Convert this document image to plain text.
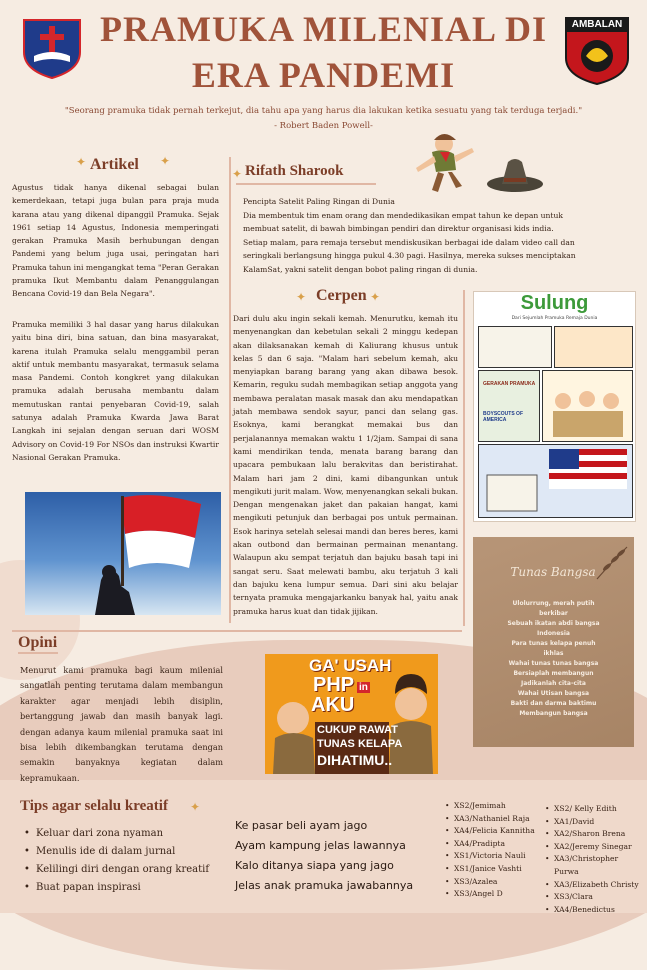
AMBALAN
PRAMUKA MILENIAL DI ERA PANDEMI
"Seorang pramuka tidak pernah terkejut, dia tahu apa yang harus dia lakukan ketika sesuatu yang tak terduga terjadi."
- Robert Baden Powell-
✦	✦
Artikel
Agustus tidak hanya dikenal sebagai bulan kemerdekaan, tetapi juga bulan para praja muda karana atau yang dikenal dipanggil Pramuka. Sejak 1961 setiap 14 Agustus, Indonesia memperingati gerakan Pramuka Masih berhubungan dengan Pandemi yang belum juga usai, peringatan hari Pramuka tahun ini mengangkat tema "Peran Gerakan pramuka Ikut Membantu dalam Penanggulangan Bencana Covid-19 dan Bela Negara".
Pramuka memiliki 3 hal dasar yang harus dilakukan yaitu bina diri, bina satuan, dan bina masyarakat, karena itulah Pramuka selalu menggambil peran aktif untuk membantu masyarakat, termasuk selama masa Pandemi. Contoh kongkret yang dilakukan pramuka adalah berusaha membantu dalam memutuskan rantai penyebaran Covid-19, salah satunya adalah Pramuka Kwarda Jawa Barat Langkah ini sejalan dengan seruan dari WOSM Advisory on Covid-19 For NSOs dan instruksi Kwartir Nasional Gerakan Pramuka.
✦ Rifath Sharook
Pencipta Satelit Paling Ringan di Dunia
Dia membentuk tim enam orang dan mendedikasikan empat tahun ke depan untuk membuat satelit, di bawah bimbingan pendiri dan direktur organisasi kids india.
Setiap malam, para remaja tersebut mendiskusikan berbagai ide dalam video call dan seringkali berlangsung hingga pukul 4.30 pagi. Hasilnya, mereka sukses menciptakan KalamSat, yakni satelit dengan bobot paling ringan di dunia.
✦	✦
Cerpen
Dari dulu aku ingin sekali kemah. Menurutku, kemah itu menyenangkan dan kebetulan sekali 2 minggu kedepan akan dilaksanakan kemah di Kaliurang khusus untuk kelas 5 dan 6 saja. "Malam hari sebelum kemah, aku menyiapkan barang barang yang akan dibawa besok. Kemarin, reguku sudah membagikan setiap anggota yang membawa peralatan masak masak dan aku mendapatkan jatah membawa sendok sayur, panci dan selang gas. Esoknya, kami berangkat memakai bus dan perjalanannya memakan waktu 1 1/2jam. Sampai di sana kami mendirikan tenda, menata barang barang dan upacara pembukaan lalu berakvitas dan beristirahat. Malam hari jam 2 dini, kami dibangunkan untuk mengikuti jurit malam. Wow, menyenangkan sekali bukan. Dengan mengenakan jaket dan pakaian hangat, kami mengikuti petunjuk dan berbagai pos untuk permainan. Esok harinya setelah selesai mandi dan beres beres, kami akan outbond dan bermainan permainan menantang. Walaupun aku sempat terjatuh dan bajuku basah tapi ini sangat seru. Saat melewati bambu, aku terjatuh 3 kali dan bajuku kena lumpur semua. Dari sini aku belajar ternyata pramuka mengajarkanku banyak hal, yaitu anak pramuka harus kuat dan tidak jijikan.
Sulung
Dari Sejumlah Pramuka Remaja Dunia
GERAKAN PRAMUKA
BOYSCOUTS OF AMERICA
Tunas Bangsa
Ulolurrung, merah putih
berkibar
Sebuah ikatan abdi bangsa
Indonesia
Para tunas kelapa penuh
ikhlas
Wahai tunas tunas bangsa
Bersiaplah membangun
Jadikanlah cita-cita
Wahai Utisan bangsa
Bakti dan darma baktimu
Membangun bangsa
Opini
Menurut kami pramuka bagi kaum milenial sangatlah penting terutama dalam membangun karakter agar menjadi lebih disiplin, bertanggung jawab dan masih banyak lagi. dengan adanya kaum milenial pramuka saat ini bisa lebih dikembangkan terutama dengan semakin banyaknya kegiatan dalam kepramukaan.
GA' USAH
PHP in
AKU
CUKUP RAWAT
TUNAS KELAPA
DIHATIMU..
Tips agar selalu kreatif ✦
• Keluar dari zona nyaman
• Menulis ide di dalam jurnal
• Kelilingi diri dengan orang kreatif
• Buat papan inspirasi
Ke pasar beli ayam jago
Ayam kampung jelas lawannya
Kalo ditanya siapa yang jago
Jelas anak pramuka jawabannya
• XS2/Jemimah
• XA3/Nathaniel Raja
• XA4/Felicia Kannitha
• XA4/Pradipta
• XS1/Victoria Nauli
• XS1/Janice Vashti
• XS3/Azalea
• XS3/Angel D
• XS2/ Kelly Edith
• XA1/David
• XA2/Sharon Brena
• XA2/Jeremy Sinegar
• XA3/Christopher Purwa
• XA3/Elizabeth Christy
• XS3/Clara
• XA4/Benedictus
